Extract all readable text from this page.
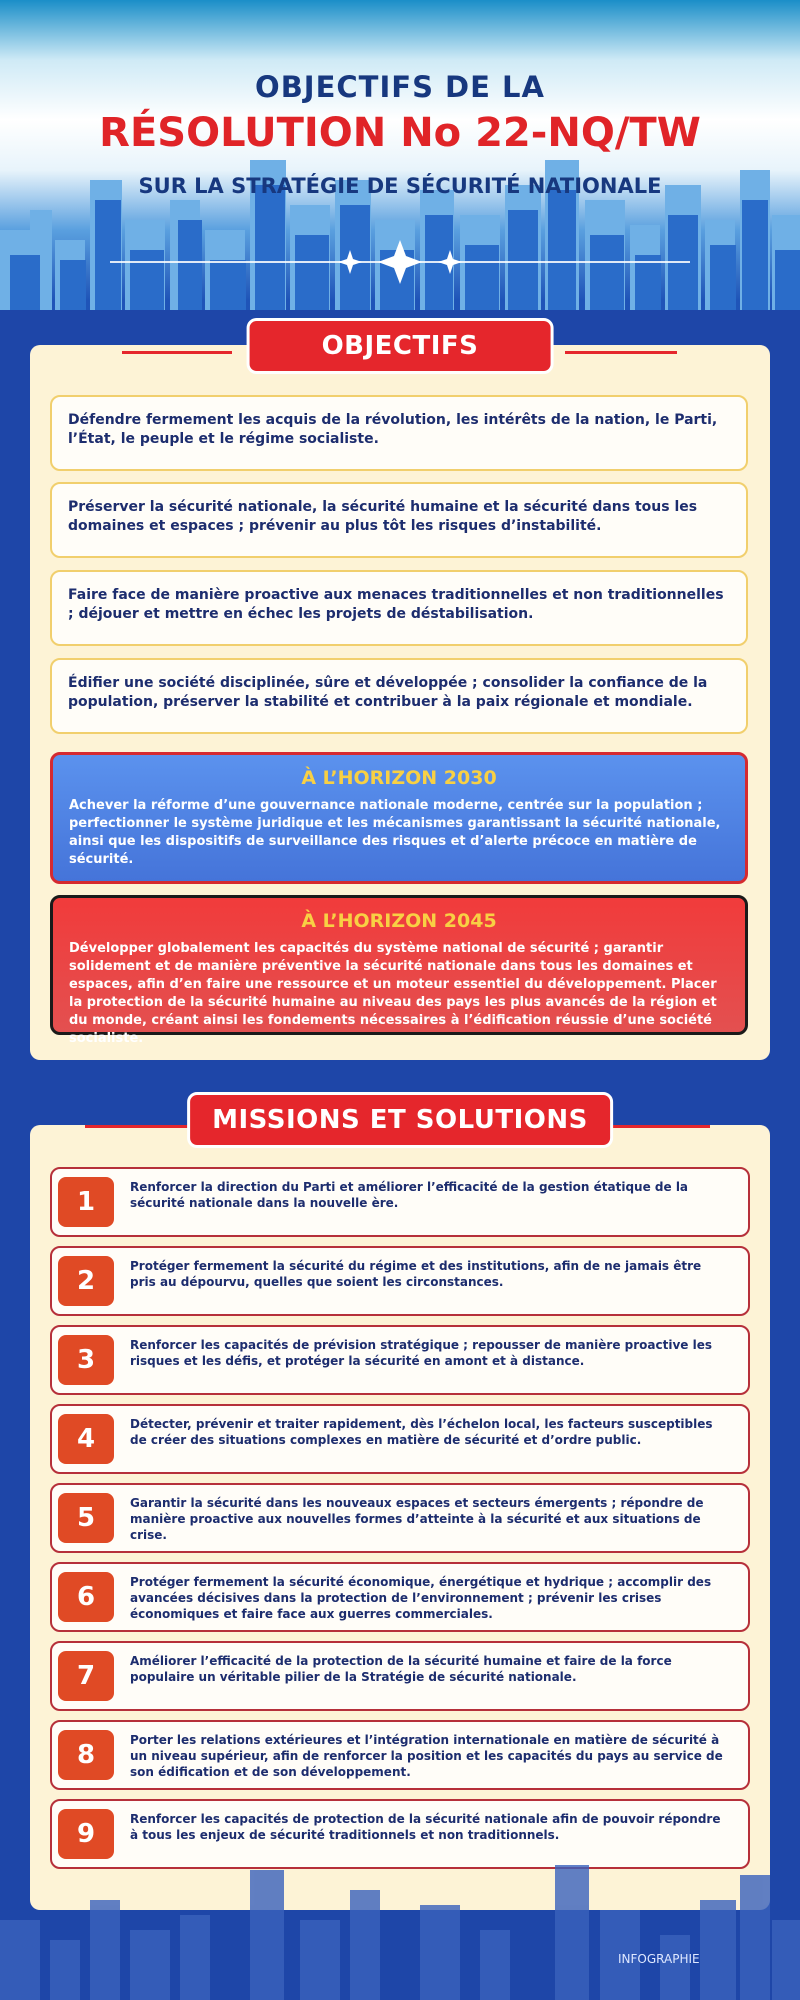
OBJECTIFS DE LA
RÉSOLUTION No 22-NQ/TW
SUR LA STRATÉGIE DE SÉCURITÉ NATIONALE
OBJECTIFS
Défendre fermement les acquis de la révolution, les intérêts de la nation, le Parti, l’État, le peuple et le régime socialiste.
Préserver la sécurité nationale, la sécurité humaine et la sécurité dans tous les domaines et espaces ; prévenir au plus tôt les risques d’instabilité.
Faire face de manière proactive aux menaces traditionnelles et non traditionnelles ; déjouer et mettre en échec les projets de déstabilisation.
Édifier une société disciplinée, sûre et développée ; consolider la confiance de la population, préserver la stabilité et contribuer à la paix régionale et mondiale.
À L’HORIZON 2030

Achever la réforme d’une gouvernance nationale moderne, centrée sur la population ; perfectionner le système juridique et les mécanismes garantissant la sécurité nationale, ainsi que les dispositifs de surveillance des risques et d’alerte précoce en matière de sécurité.

À L’HORIZON 2045

Développer globalement les capacités du système national de sécurité ; garantir solidement et de manière préventive la sécurité nationale dans tous les domaines et espaces, afin d’en faire une ressource et un moteur essentiel du développement. Placer la protection de la sécurité humaine au niveau des pays les plus avancés de la région et du monde, créant ainsi les fondements nécessaires à l’édification réussie d’une société socialiste.

MISSIONS ET SOLUTIONS
1	Renforcer la direction du Parti et améliorer l’efficacité de la gestion étatique de la sécurité nationale dans la nouvelle ère.
2	Protéger fermement la sécurité du régime et des institutions, afin de ne jamais être pris au dépourvu, quelles que soient les circonstances.
3	Renforcer les capacités de prévision stratégique ; repousser de manière proactive les risques et les défis, et protéger la sécurité en amont et à distance.
4	Détecter, prévenir et traiter rapidement, dès l’échelon local, les facteurs susceptibles de créer des situations complexes en matière de sécurité et d’ordre public.
5	Garantir la sécurité dans les nouveaux espaces et secteurs émergents ; répondre de manière proactive aux nouvelles formes d’atteinte à la sécurité et aux situations de crise.
6	Protéger fermement la sécurité économique, énergétique et hydrique ; accomplir des avancées décisives dans la protection de l’environnement ; prévenir les crises économiques et faire face aux guerres commerciales.
7	Améliorer l’efficacité de la protection de la sécurité humaine et faire de la force populaire un véritable pilier de la Stratégie de sécurité nationale.
8	Porter les relations extérieures et l’intégration internationale en matière de sécurité à un niveau supérieur, afin de renforcer la position et les capacités du pays au service de son édification et de son développement.
9	Renforcer les capacités de protection de la sécurité nationale afin de pouvoir répondre à tous les enjeux de sécurité traditionnels et non traditionnels.
INFOGRAPHIE
